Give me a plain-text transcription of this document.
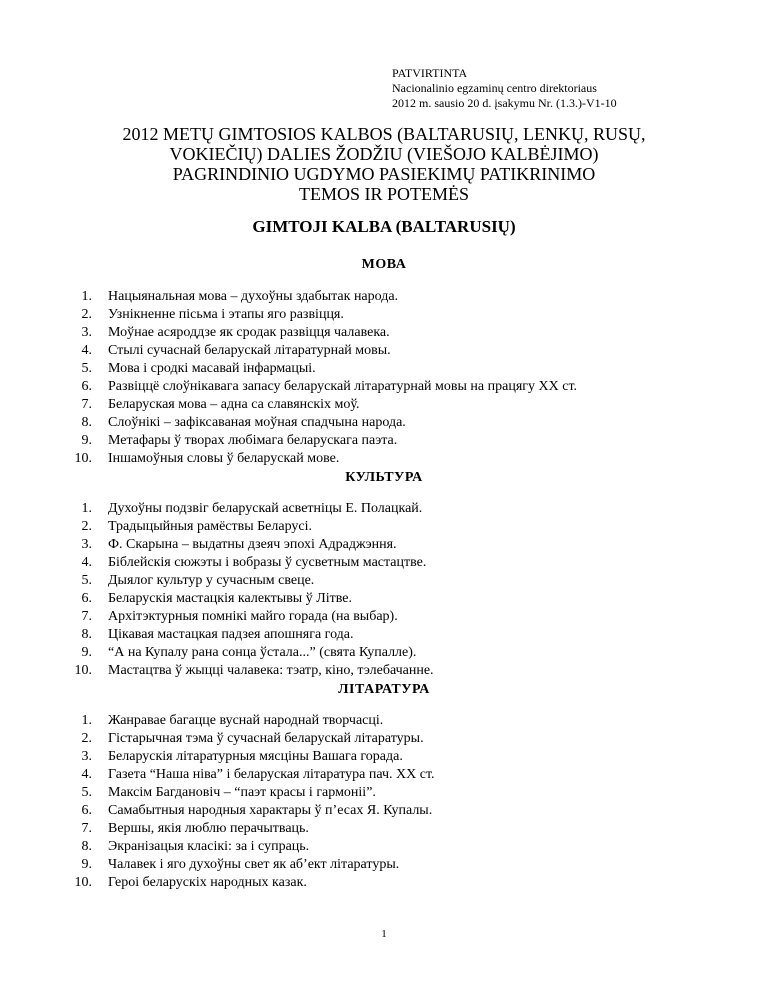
PATVIRTINTA
Nacionalinio egzaminų centro direktoriaus
2012 m. sausio 20 d. įsakymu Nr. (1.3.)-V1-10
2012 METŲ GIMTOSIOS KALBOS (BALTARUSIŲ, LENKŲ, RUSŲ,
VOKIEČIŲ) DALIES ŽODŽIU (VIEŠOJO KALBĖJIMO)
PAGRINDINIO UGDYMO PASIEKIMŲ PATIKRINIMO
TEMOS IR POTEMĖS
GIMTOJI KALBA (BALTARUSIŲ)
МОВА
1. Нацыянальная мова – духоўны здабытак народа.
2. Узнікненне пісьма і этапы яго развіцця.
3. Моўнае асяроддзе як сродак развіцця чалавека.
4. Стылі сучаснай беларускай літаратурнай мовы.
5. Мова і сродкі масавай інфармацыі.
6. Развіццё слоўнікавага запасу беларускай літаратурнай мовы на працягу ХХ ст.
7. Беларуская мова – адна са славянскіх моў.
8. Слоўнікі – зафіксаваная моўная спадчына народа.
9. Метафары ў творах любімага беларускага паэта.
10. Іншамоўныя словы ў беларускай мове.
КУЛЬТУРА
1. Духоўны подзвіг беларускай асветніцы Е. Полацкай.
2. Традыцыйныя рамёствы Беларусі.
3. Ф. Скарына – выдатны дзеяч эпохі Адраджэння.
4. Біблейскія сюжэты і вобразы ў сусветным мастацтве.
5. Дыялог культур у сучасным свеце.
6. Беларускія мастацкія калектывы ў Літве.
7. Архітэктурныя помнікі майго горада (на выбар).
8. Цікавая мастацкая падзея апошняга года.
9. “А на Купалу рана сонца ўстала...” (свята Купалле).
10. Мастацтва ў жыцці чалавека: тэатр, кіно, тэлебачанне.
ЛІТАРАТУРА
1. Жанравае багацце вуснай народнай творчасці.
2. Гістарычная тэма ў сучаснай беларускай літаратуры.
3. Беларускія літаратурныя мясціны Вашага горада.
4. Газета “Наша ніва” і беларуская літаратура пач. ХХ ст.
5. Максім Багдановіч – “паэт красы і гармоніі”.
6. Самабытныя народныя характары ў п’есах Я. Купалы.
7. Вершы, якія люблю перачытваць.
8. Экранізацыя класікі: за і супраць.
9. Чалавек і яго духоўны свет як аб’ект літаратуры.
10. Героі беларускіх народных казак.
1
